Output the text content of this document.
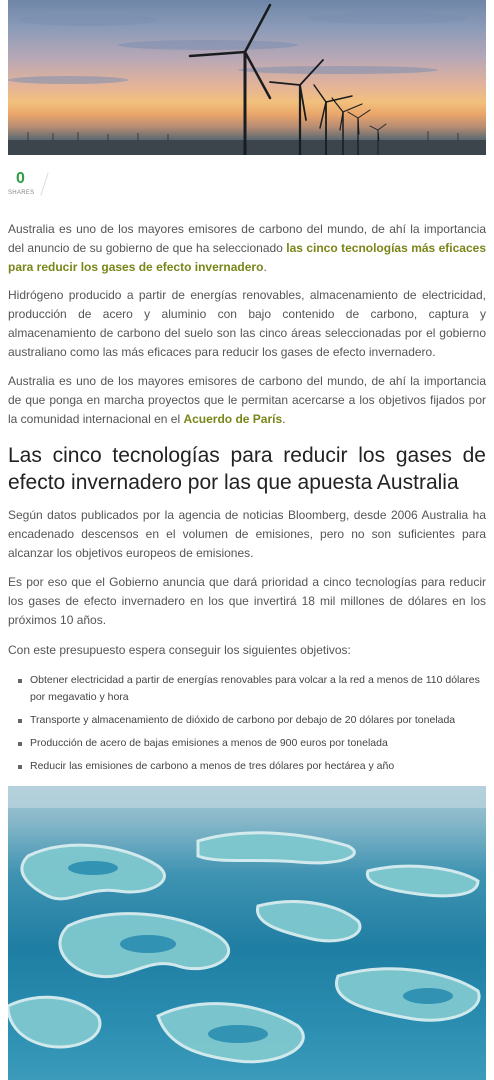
0
SHARES

Australia es uno de los mayores emisores de carbono del mundo, de ahí la importancia del anuncio de su gobierno de que ha seleccionado las cinco tecnologías más eficaces para reducir los gases de efecto invernadero.

Hidrógeno producido a partir de energías renovables, almacenamiento de electricidad, producción de acero y aluminio con bajo contenido de carbono, captura y almacenamiento de carbono del suelo son las cinco áreas seleccionadas por el gobierno australiano como las más eficaces para reducir los gases de efecto invernadero.

Australia es uno de los mayores emisores de carbono del mundo, de ahí la importancia de que ponga en marcha proyectos que le permitan acercarse a los objetivos fijados por la comunidad internacional en el Acuerdo de París.

Las cinco tecnologías para reducir los gases de efecto invernadero por las que apuesta Australia

Según datos publicados por la agencia de noticias Bloomberg, desde 2006 Australia ha encadenado descensos en el volumen de emisiones, pero no son suficientes para alcanzar los objetivos europeos de emisiones.

Es por eso que el Gobierno anuncia que dará prioridad a cinco tecnologías para reducir los gases de efecto invernadero en los que invertirá 18 mil millones de dólares en los próximos 10 años.

Con este presupuesto espera conseguir los siguientes objetivos:

Obtener electricidad a partir de energías renovables para volcar a la red a menos de 110 dólares por megavatio y hora
Transporte y almacenamiento de dióxido de carbono por debajo de 20 dólares por tonelada
Producción de acero de bajas emisiones a menos de 900 euros por tonelada
Reducir las emisiones de carbono a menos de tres dólares por hectárea y año
